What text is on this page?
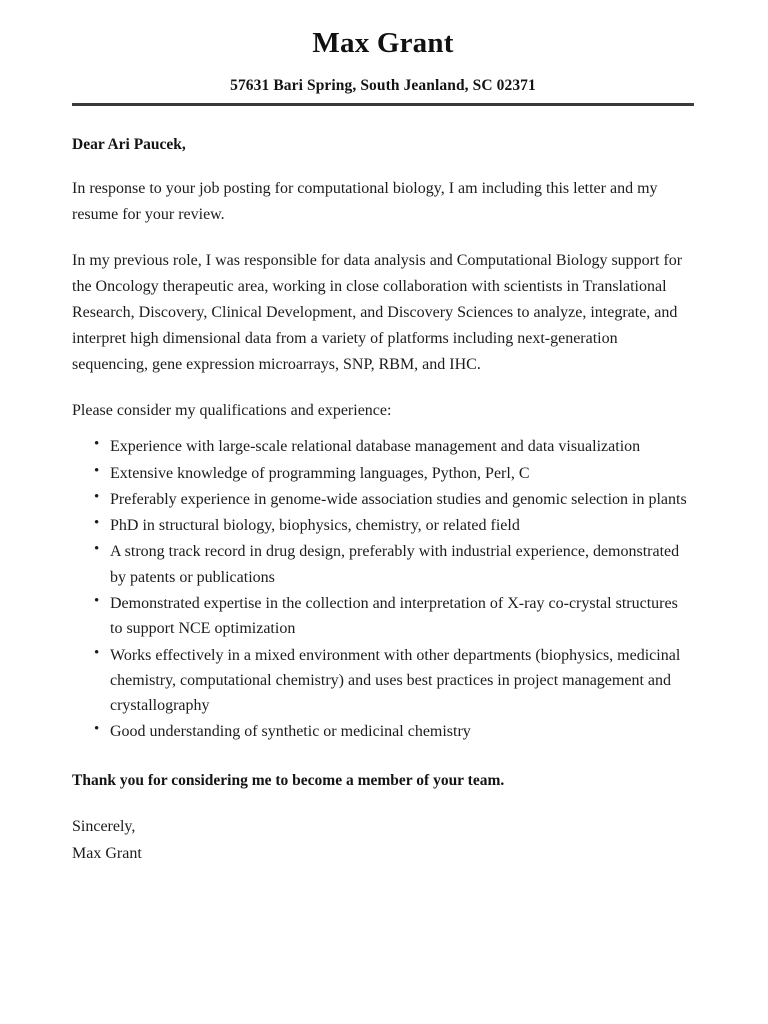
Max Grant
57631 Bari Spring, South Jeanland, SC 02371
Dear Ari Paucek,

In response to your job posting for computational biology, I am including this letter and my resume for your review.

In my previous role, I was responsible for data analysis and Computational Biology support for the Oncology therapeutic area, working in close collaboration with scientists in Translational Research, Discovery, Clinical Development, and Discovery Sciences to analyze, integrate, and interpret high dimensional data from a variety of platforms including next-generation sequencing, gene expression microarrays, SNP, RBM, and IHC.

Please consider my qualifications and experience:
• Experience with large-scale relational database management and data visualization
• Extensive knowledge of programming languages, Python, Perl, C
• Preferably experience in genome-wide association studies and genomic selection in plants
• PhD in structural biology, biophysics, chemistry, or related field
• A strong track record in drug design, preferably with industrial experience, demonstrated by patents or publications
• Demonstrated expertise in the collection and interpretation of X-ray co-crystal structures to support NCE optimization
• Works effectively in a mixed environment with other departments (biophysics, medicinal chemistry, computational chemistry) and uses best practices in project management and crystallography
• Good understanding of synthetic or medicinal chemistry
Thank you for considering me to become a member of your team.
Sincerely,
Max Grant
